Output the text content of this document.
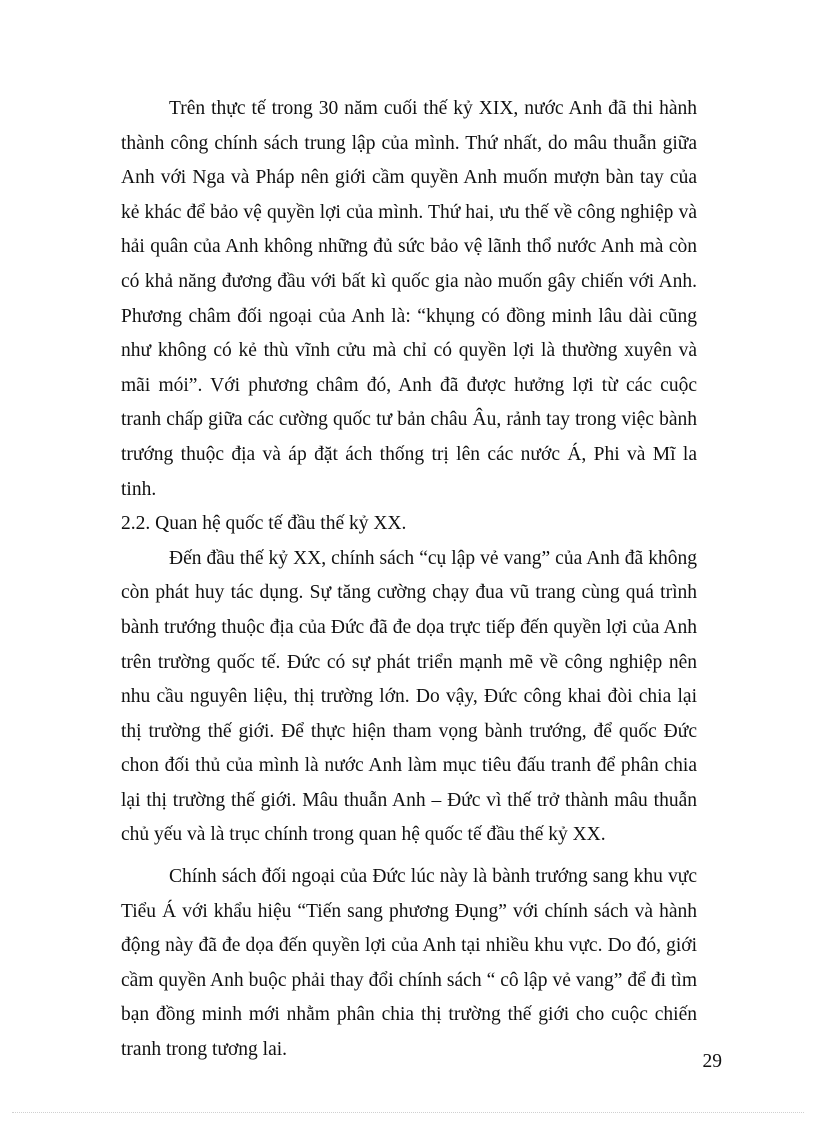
Trên thực tế trong 30 năm cuối thế kỷ XIX, nước Anh đã thi hành thành công chính sách trung lập của mình. Thứ nhất, do mâu thuẫn giữa Anh với Nga và Pháp nên giới cầm quyền Anh muốn mượn bàn tay của kẻ khác để bảo vệ quyền lợi của mình. Thứ hai, ưu thế về công nghiệp và hải quân của Anh không những đủ sức bảo vệ lãnh thổ nước Anh mà còn có khả năng đương đầu với bất kì quốc gia nào muốn gây chiến với Anh. Phương châm đối ngoại của Anh là: “khụng có đồng minh lâu dài cũng như không có kẻ thù vĩnh cửu mà chỉ có quyền lợi là thường xuyên và mãi mói”. Với phương châm đó, Anh đã được hưởng lợi từ các cuộc tranh chấp giữa các cường quốc tư bản châu Âu, rảnh tay trong việc bành trướng thuộc địa và áp đặt ách thống trị lên các nước Á, Phi và Mĩ la tinh.

2.2. Quan hệ quốc tế đầu thế kỷ XX.

Đến đầu thế kỷ XX, chính sách “cụ lập vẻ vang” của Anh đã không còn phát huy tác dụng. Sự tăng cường chạy đua vũ trang cùng quá trình bành trướng thuộc địa của Đức đã đe dọa trực tiếp đến quyền lợi của Anh trên trường quốc tế. Đức có sự phát triển mạnh mẽ về công nghiệp nên nhu cầu nguyên liệu, thị trường lớn. Do vậy, Đức công khai đòi chia lại thị trường thế giới. Để thực hiện tham vọng bành trướng, để quốc Đức chon đối thủ của mình là nước Anh làm mục tiêu đấu tranh để phân chia lại thị trường thế giới. Mâu thuẫn Anh – Đức vì thế trở thành mâu thuẫn chủ yếu và là trục chính trong quan hệ quốc tế đầu thế kỷ XX.

Chính sách đối ngoại của Đức lúc này là bành trướng sang khu vực Tiểu Á với khẩu hiệu “Tiến sang phương Đụng” với chính sách và hành động này đã đe dọa đến quyền lợi của Anh tại nhiều khu vực. Do đó, giới cầm quyền Anh buộc phải thay đổi chính sách “ cô lập vẻ vang” để đi tìm bạn đồng minh mới nhằm phân chia thị trường thế giới cho cuộc chiến tranh trong tương lai.

29
